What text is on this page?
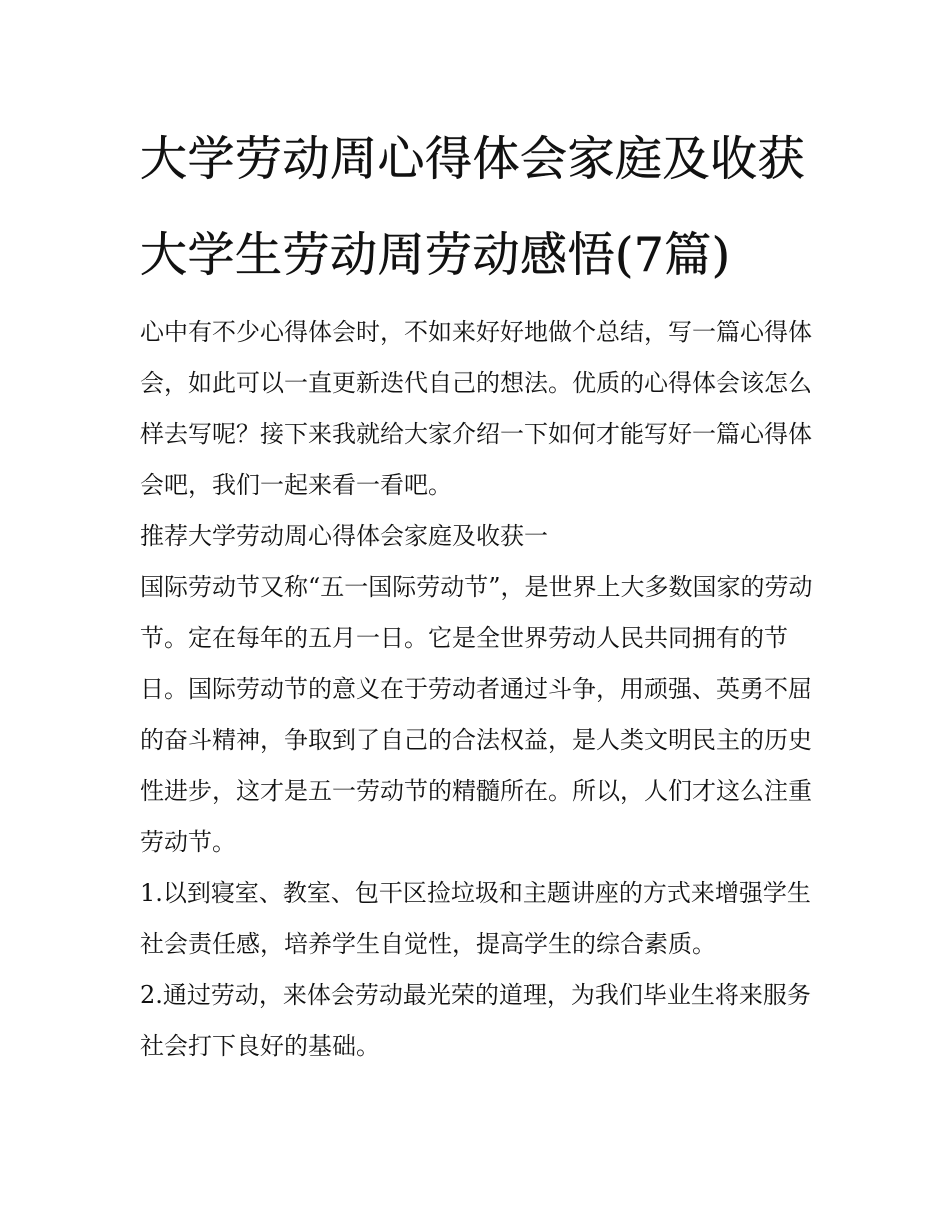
大学劳动周心得体会家庭及收获 大学生劳动周劳动感悟(7篇)

心中有不少心得体会时，不如来好好地做个总结，写一篇心得体会，如此可以一直更新迭代自己的想法。优质的心得体会该怎么样去写呢？接下来我就给大家介绍一下如何才能写好一篇心得体会吧，我们一起来看一看吧。

推荐大学劳动周心得体会家庭及收获一

国际劳动节又称“五一国际劳动节”，是世界上大多数国家的劳动节。定在每年的五月一日。它是全世界劳动人民共同拥有的节日。国际劳动节的意义在于劳动者通过斗争，用顽强、英勇不屈的奋斗精神，争取到了自己的合法权益，是人类文明民主的历史性进步，这才是五一劳动节的精髓所在。所以，人们才这么注重劳动节。

1.以到寝室、教室、包干区捡垃圾和主题讲座的方式来增强学生社会责任感，培养学生自觉性，提高学生的综合素质。

2.通过劳动，来体会劳动最光荣的道理，为我们毕业生将来服务社会打下良好的基础。
